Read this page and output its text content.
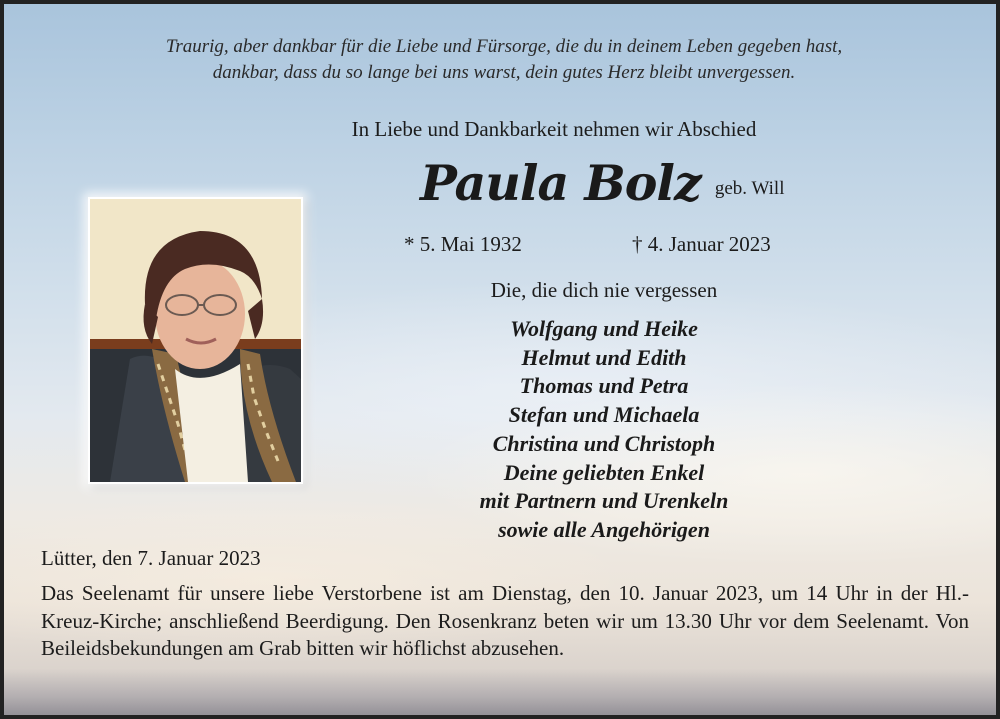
Traurig, aber dankbar für die Liebe und Fürsorge, die du in deinem Leben gegeben hast,
dankbar, dass du so lange bei uns warst, dein gutes Herz bleibt unvergessen.
In Liebe und Dankbarkeit nehmen wir Abschied
Paula Bolz geb. Will
* 5. Mai 1932	† 4. Januar 2023
Die, die dich nie vergessen
Wolfgang und Heike
Helmut und Edith
Thomas und Petra
Stefan und Michaela
Christina und Christoph
Deine geliebten Enkel
mit Partnern und Urenkeln
sowie alle Angehörigen
Lütter, den 7. Januar 2023
Das Seelenamt für unsere liebe Verstorbene ist am Dienstag, den 10. Januar 2023, um 14 Uhr in der Hl.-Kreuz-Kirche; anschließend Beerdigung. Den Rosenkranz beten wir um 13.30 Uhr vor dem Seelenamt. Von Beileidsbekundungen am Grab bitten wir höflichst abzusehen.
